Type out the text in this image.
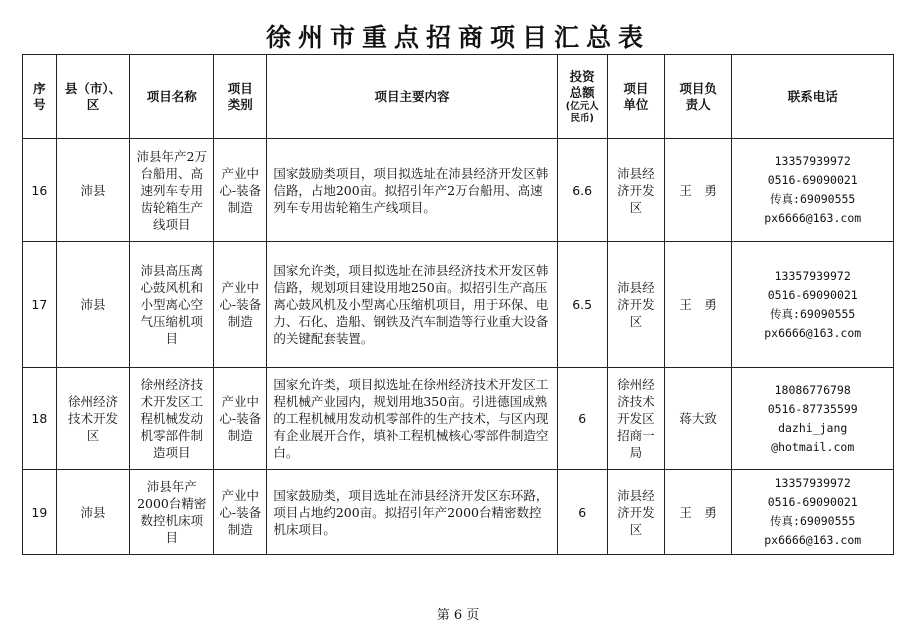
徐州市重点招商项目汇总表
序号	县（市）、区	项目名称	项目类别	项目主要内容	投资总额 (亿元人民币)	项目单位	项目负责人	联系电话
16	沛县	沛县年产2万台船用、高速列车专用齿轮箱生产线项目	产业中心-装备制造	国家鼓励类项目，项目拟选址在沛县经济开发区韩信路，占地200亩。拟招引年产2万台船用、高速列车专用齿轮箱生产线项目。	6.6	沛县经济开发区	王　勇	13357939972
0516-69090021
传真:69090555
px6666@163.com

17	沛县	沛县高压离心鼓风机和小型离心空气压缩机项目	产业中心-装备制造	国家允许类，项目拟选址在沛县经济技术开发区韩信路，规划项目建设用地250亩。拟招引生产高压离心鼓风机及小型离心压缩机项目，用于环保、电力、石化、造船、钢铁及汽车制造等行业重大设备的关键配套装置。	6.5	沛县经济开发区	王　勇	13357939972
0516-69090021
传真:69090555
px6666@163.com

18	徐州经济技术开发区	徐州经济技术开发区工程机械发动机零部件制造项目	产业中心-装备制造	国家允许类，项目拟选址在徐州经济技术开发区工程机械产业园内，规划用地350亩。引进德国成熟的工程机械用发动机零部件的生产技术，与区内现有企业展开合作，填补工程机械核心零部件制造空白。	6	徐州经济技术开发区招商一局	蒋大致	18086776798
0516-87735599
dazhi_jang
@hotmail.com

19	沛县	沛县年产2000台精密数控机床项目	产业中心-装备制造	国家鼓励类，项目选址在沛县经济开发区东环路，项目占地约200亩。拟招引年产2000台精密数控机床项目。	6	沛县经济开发区	王　勇	13357939972
0516-69090021
传真:69090555
px6666@163.com
第 6 页
